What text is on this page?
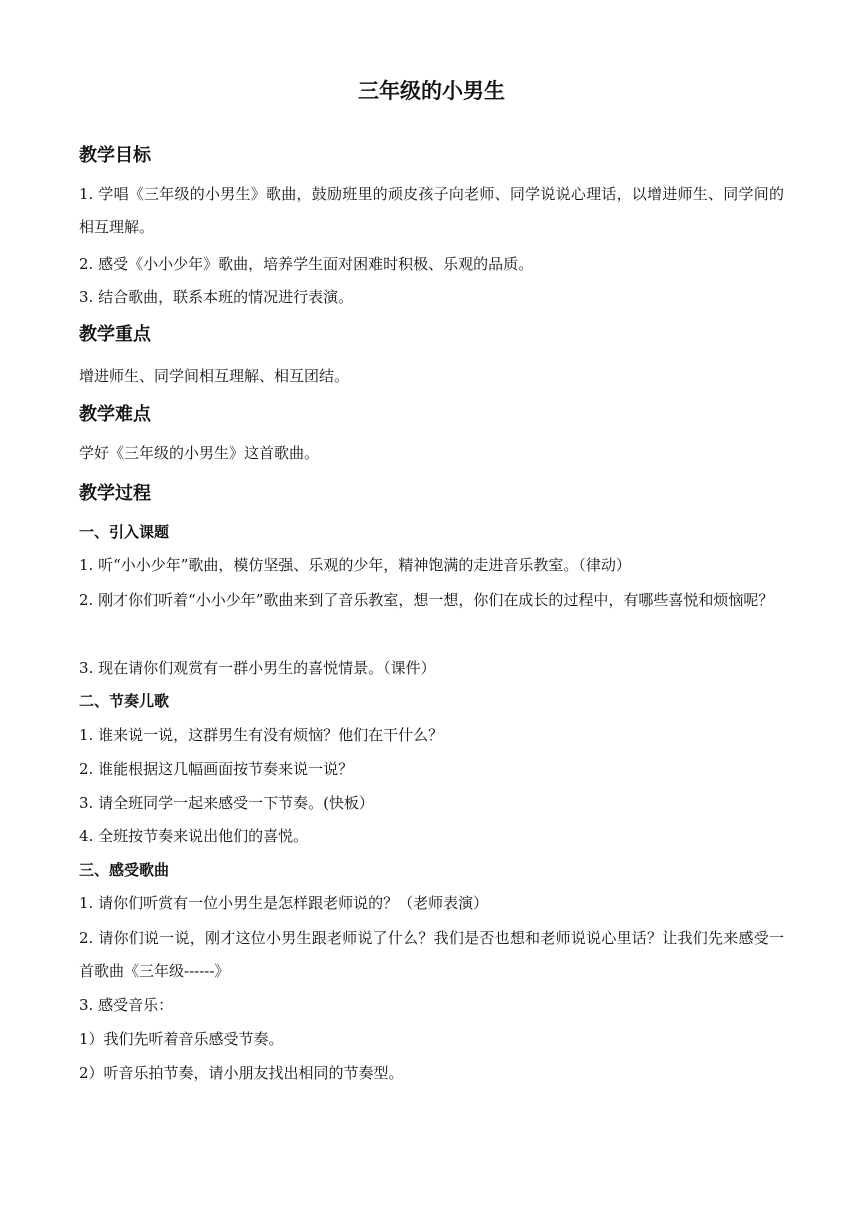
三年级的小男生
教学目标
1. 学唱《三年级的小男生》歌曲，鼓励班里的顽皮孩子向老师、同学说说心理话，以增进师生、同学间的相互理解。
2. 感受《小小少年》歌曲，培养学生面对困难时积极、乐观的品质。
3. 结合歌曲，联系本班的情况进行表演。
教学重点
增进师生、同学间相互理解、相互团结。
教学难点
学好《三年级的小男生》这首歌曲。
教学过程
一、引入课题
1. 听“小小少年”歌曲，模仿坚强、乐观的少年，精神饱满的走进音乐教室。（律动）
2. 刚才你们听着“小小少年”歌曲来到了音乐教室，想一想，你们在成长的过程中，有哪些喜悦和烦恼呢？
3. 现在请你们观赏有一群小男生的喜悦情景。（课件）
二、节奏儿歌
1. 谁来说一说，这群男生有没有烦恼？他们在干什么？
2. 谁能根据这几幅画面按节奏来说一说？
3. 请全班同学一起来感受一下节奏。(快板）
4. 全班按节奏来说出他们的喜悦。
三、感受歌曲
1. 请你们听赏有一位小男生是怎样跟老师说的？（老师表演）
2. 请你们说一说，刚才这位小男生跟老师说了什么？我们是否也想和老师说说心里话？让我们先来感受一首歌曲《三年级------》
3. 感受音乐：
1）我们先听着音乐感受节奏。
2）听音乐拍节奏，请小朋友找出相同的节奏型。
